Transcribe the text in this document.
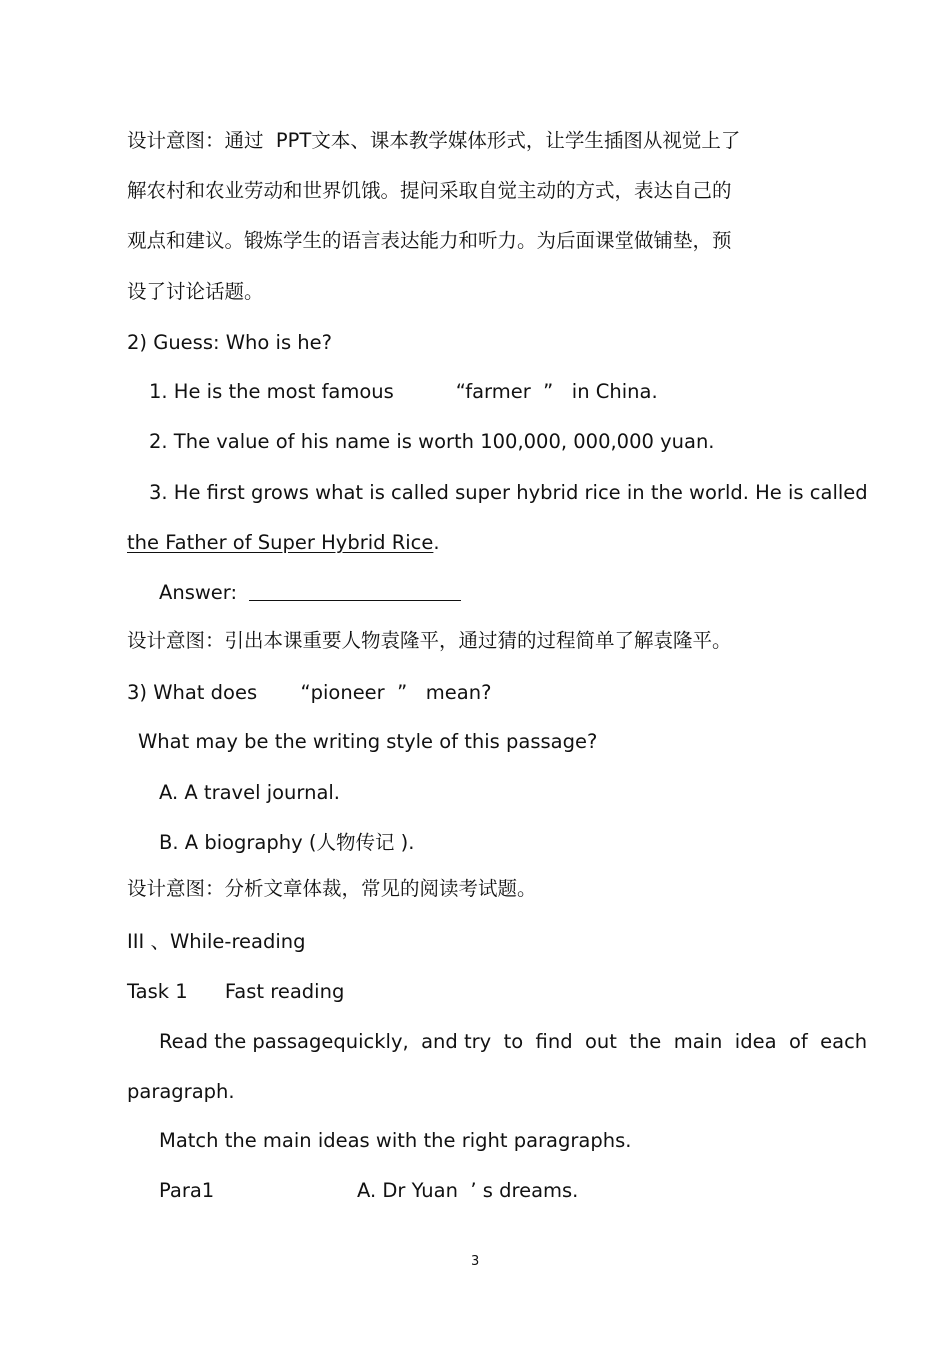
设计意图：通过  PPT文本、课本教学媒体形式，让学生插图从视觉上了
解农村和农业劳动和世界饥饿。提问采取自觉主动的方式，表达自己的
观点和建议。锻炼学生的语言表达能力和听力。为后面课堂做铺垫，预
设了讨论话题。
2) Guess: Who is he?
1. He is the most famous          “farmer  ”   in China.
2. The value of his name is worth 100,000, 000,000 yuan.
3. He first grows what is called super hybrid rice in the world. He is called
the Father of Super Hybrid Rice.
Answer:
设计意图：引出本课重要人物袁隆平，通过猜的过程简单了解袁隆平。
3) What does       “pioneer  ”   mean?
What may be the writing style of this passage?
A. A travel journal.
B. A biography (人物传记 ).
设计意图：分析文章体裁，常见的阅读考试题。
III 、While-reading
Task 1      Fast reading
Read the passagequickly,  and try  to  find  out  the  main  idea  of  each
paragraph.
Match the main ideas with the right paragraphs.
Para1	A. Dr Yuan  ’ s dreams.
3
